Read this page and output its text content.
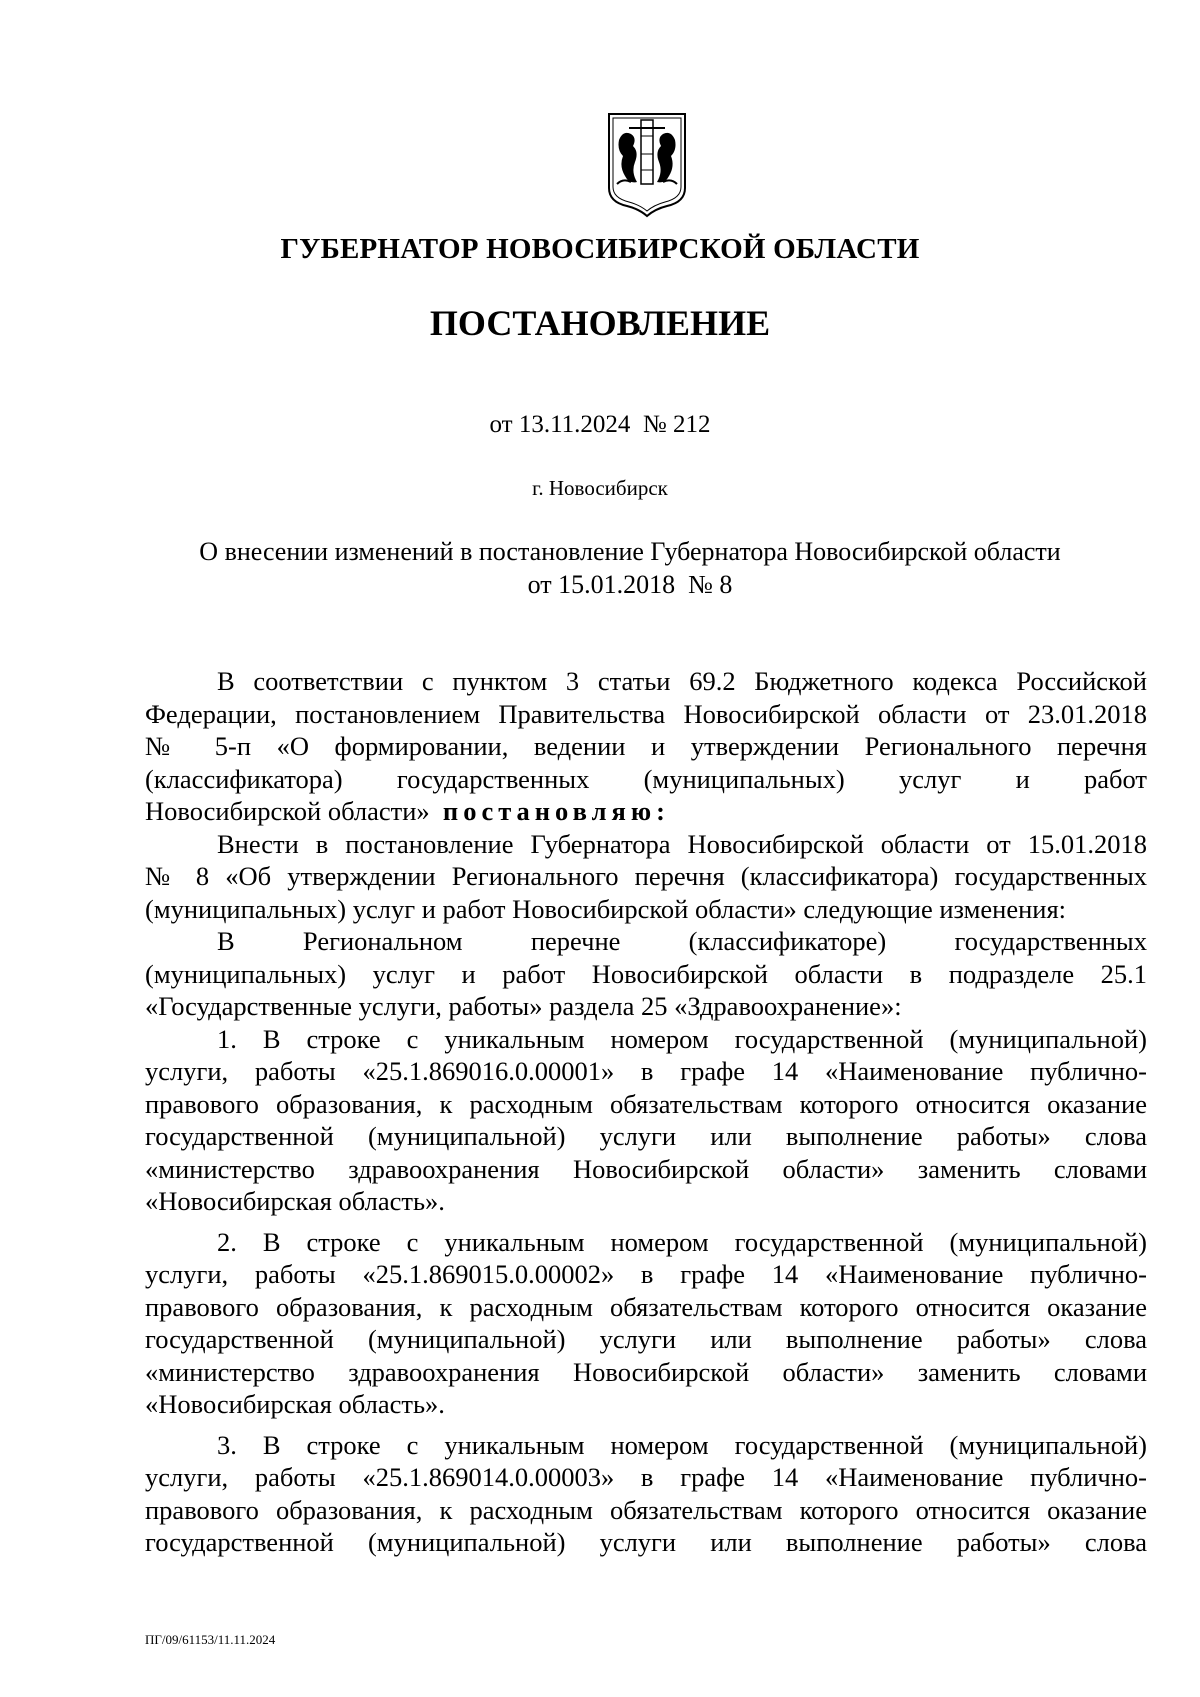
ГУБЕРНАТОР НОВОСИБИРСКОЙ ОБЛАСТИ
ПОСТАНОВЛЕНИЕ
от 13.11.2024  № 212
г. Новосибирск
О внесении изменений в постановление Губернатора Новосибирской области
от 15.01.2018  № 8
В соответствии с пунктом 3 статьи 69.2 Бюджетного кодекса Российской
Федерации, постановлением Правительства Новосибирской области от 23.01.2018
№ 5-п «О формировании, ведении и утверждении Регионального перечня
(классификатора) государственных (муниципальных) услуг и работ
Новосибирской области» постановляю:
Внести в постановление Губернатора Новосибирской области от 15.01.2018
№ 8 «Об утверждении Регионального перечня (классификатора) государственных
(муниципальных) услуг и работ Новосибирской области» следующие изменения:
В Региональном перечне (классификаторе) государственных
(муниципальных) услуг и работ Новосибирской области в подразделе 25.1
«Государственные услуги, работы» раздела 25 «Здравоохранение»:
1. В строке с уникальным номером государственной (муниципальной)
услуги, работы «25.1.869016.0.00001» в графе 14 «Наименование публично-
правового образования, к расходным обязательствам которого относится оказание
государственной (муниципальной) услуги или выполнение работы» слова
«министерство здравоохранения Новосибирской области» заменить словами
«Новосибирская область».
2. В строке с уникальным номером государственной (муниципальной)
услуги, работы «25.1.869015.0.00002» в графе 14 «Наименование публично-
правового образования, к расходным обязательствам которого относится оказание
государственной (муниципальной) услуги или выполнение работы» слова
«министерство здравоохранения Новосибирской области» заменить словами
«Новосибирская область».
3. В строке с уникальным номером государственной (муниципальной)
услуги, работы «25.1.869014.0.00003» в графе 14 «Наименование публично-
правового образования, к расходным обязательствам которого относится оказание
государственной (муниципальной) услуги или выполнение работы» слова
ПГ/09/61153/11.11.2024
